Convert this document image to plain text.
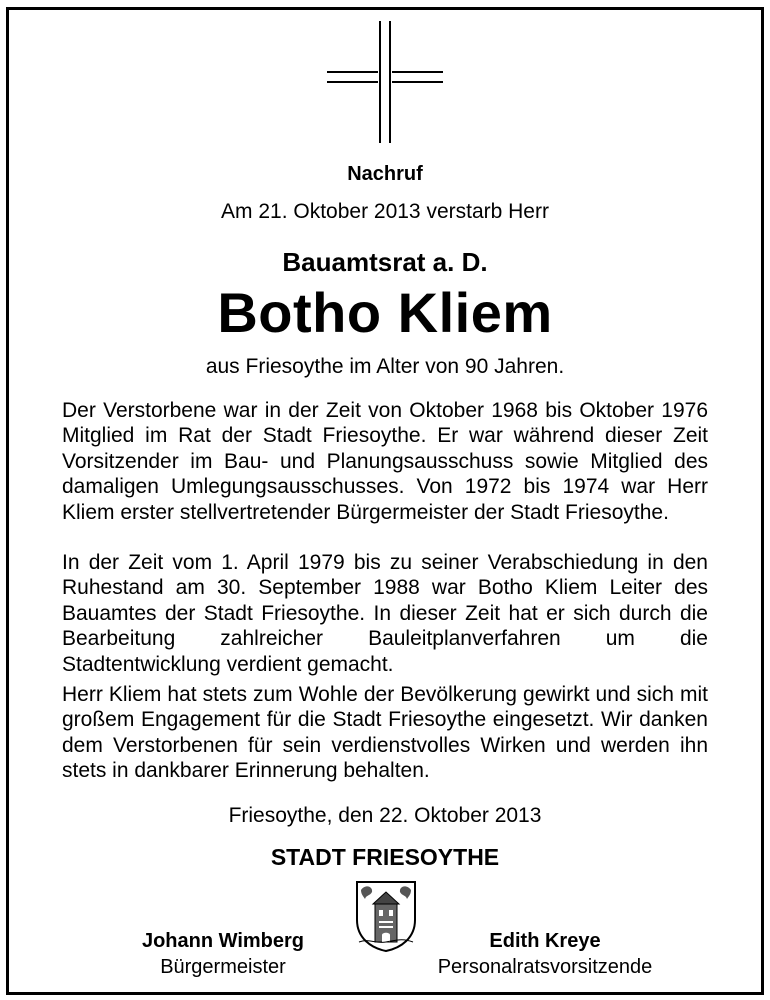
Nachruf
Am 21. Oktober 2013 verstarb Herr
Bauamtsrat a. D.
Botho Kliem
aus Friesoythe im Alter von 90 Jahren.

Der Verstorbene war in der Zeit von Oktober 1968 bis Oktober 1976 Mitglied im Rat der Stadt Friesoythe. Er war während dieser Zeit Vorsitzender im Bau- und Planungsausschuss sowie Mitglied des damaligen Umlegungsausschusses. Von 1972 bis 1974 war Herr Kliem erster stellvertretender Bürgermeister der Stadt Friesoythe.

In der Zeit vom 1. April 1979 bis zu seiner Verabschiedung in den Ruhestand am 30. September 1988 war Botho Kliem Leiter des Bauamtes der Stadt Friesoythe. In dieser Zeit hat er sich durch die Bearbeitung zahlreicher Bauleitplanverfahren um die Stadtentwicklung verdient gemacht.

Herr Kliem hat stets zum Wohle der Bevölkerung gewirkt und sich mit großem Engagement für die Stadt Friesoythe eingesetzt. Wir danken dem Verstorbenen für sein verdienstvolles Wirken und werden ihn stets in dankbarer Erinnerung behalten.

Friesoythe, den 22. Oktober 2013
STADT FRIESOYTHE
Johann Wimberg
Bürgermeister
Edith Kreye
Personalratsvorsitzende
